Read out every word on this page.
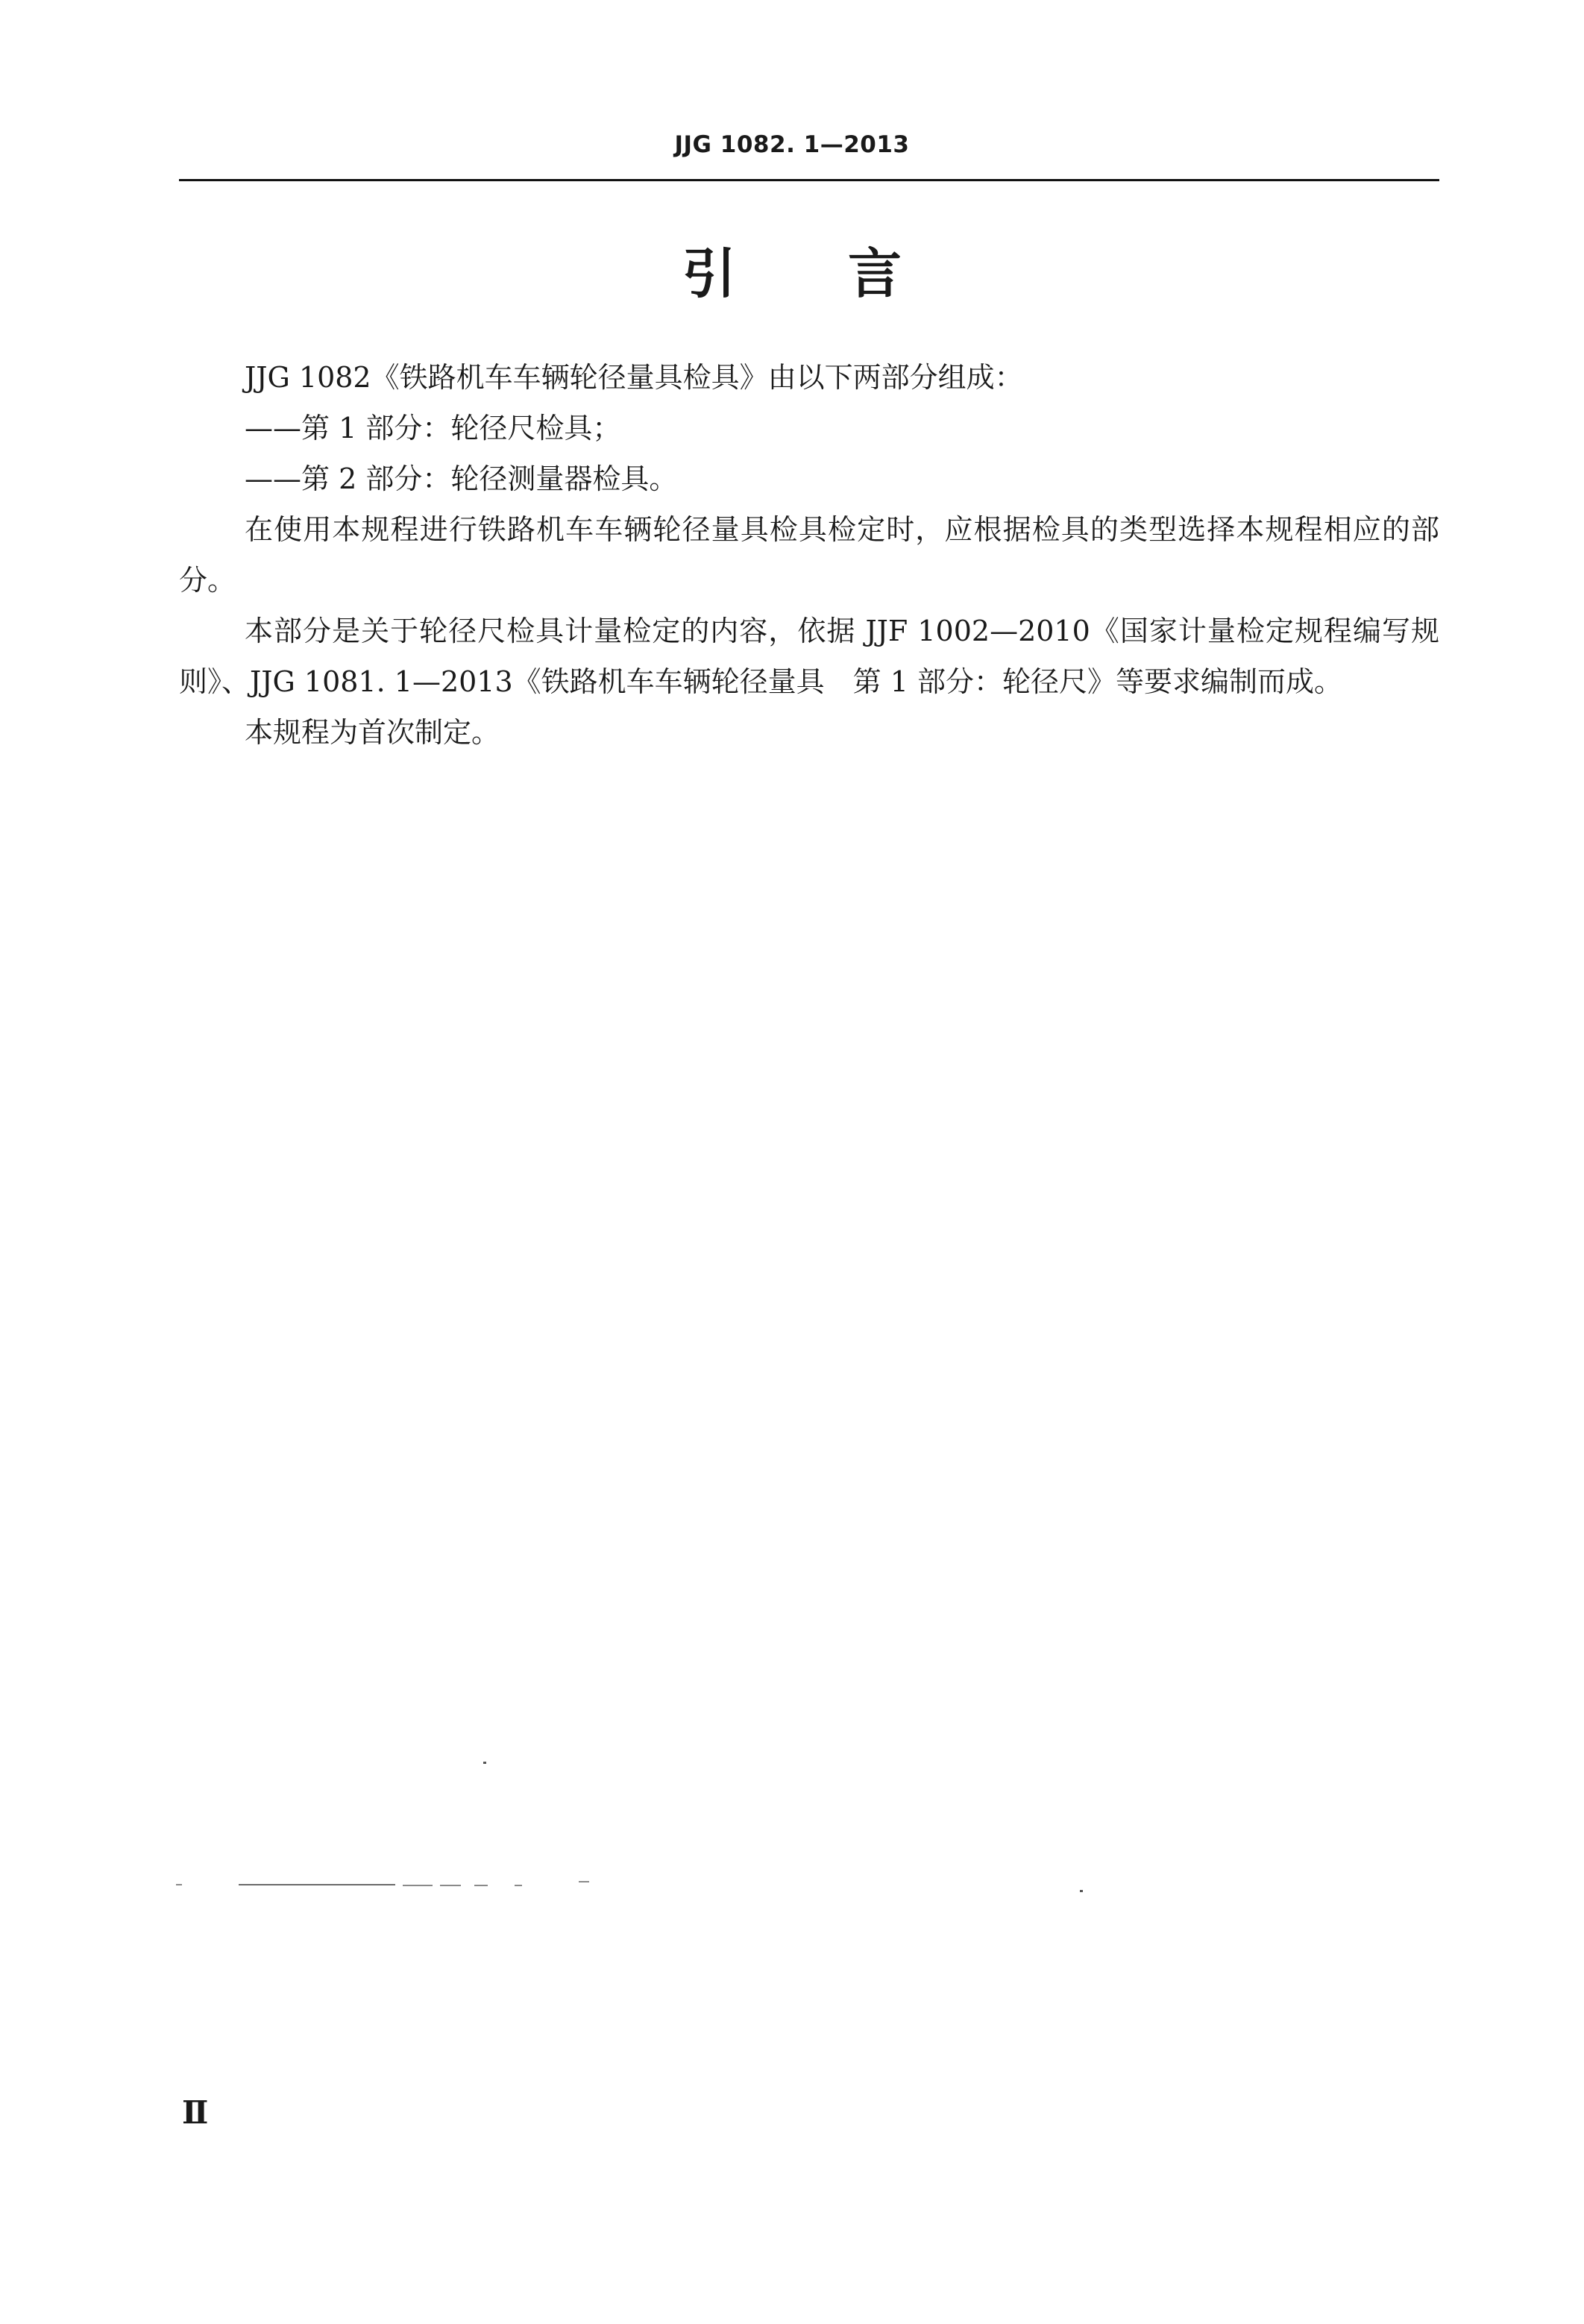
JJG 1082. 1—2013
引 言

JJG 1082《铁路机车车辆轮径量具检具》由以下两部分组成：

——第 1 部分：轮径尺检具；

——第 2 部分：轮径测量器检具。

在使用本规程进行铁路机车车辆轮径量具检具检定时，应根据检具的类型选择本规程相应的部分。

本部分是关于轮径尺检具计量检定的内容，依据 JJF 1002—2010《国家计量检定规程编写规则》、JJG 1081. 1—2013《铁路机车车辆轮径量具　第 1 部分：轮径尺》等要求编制而成。

本规程为首次制定。

Ⅱ
